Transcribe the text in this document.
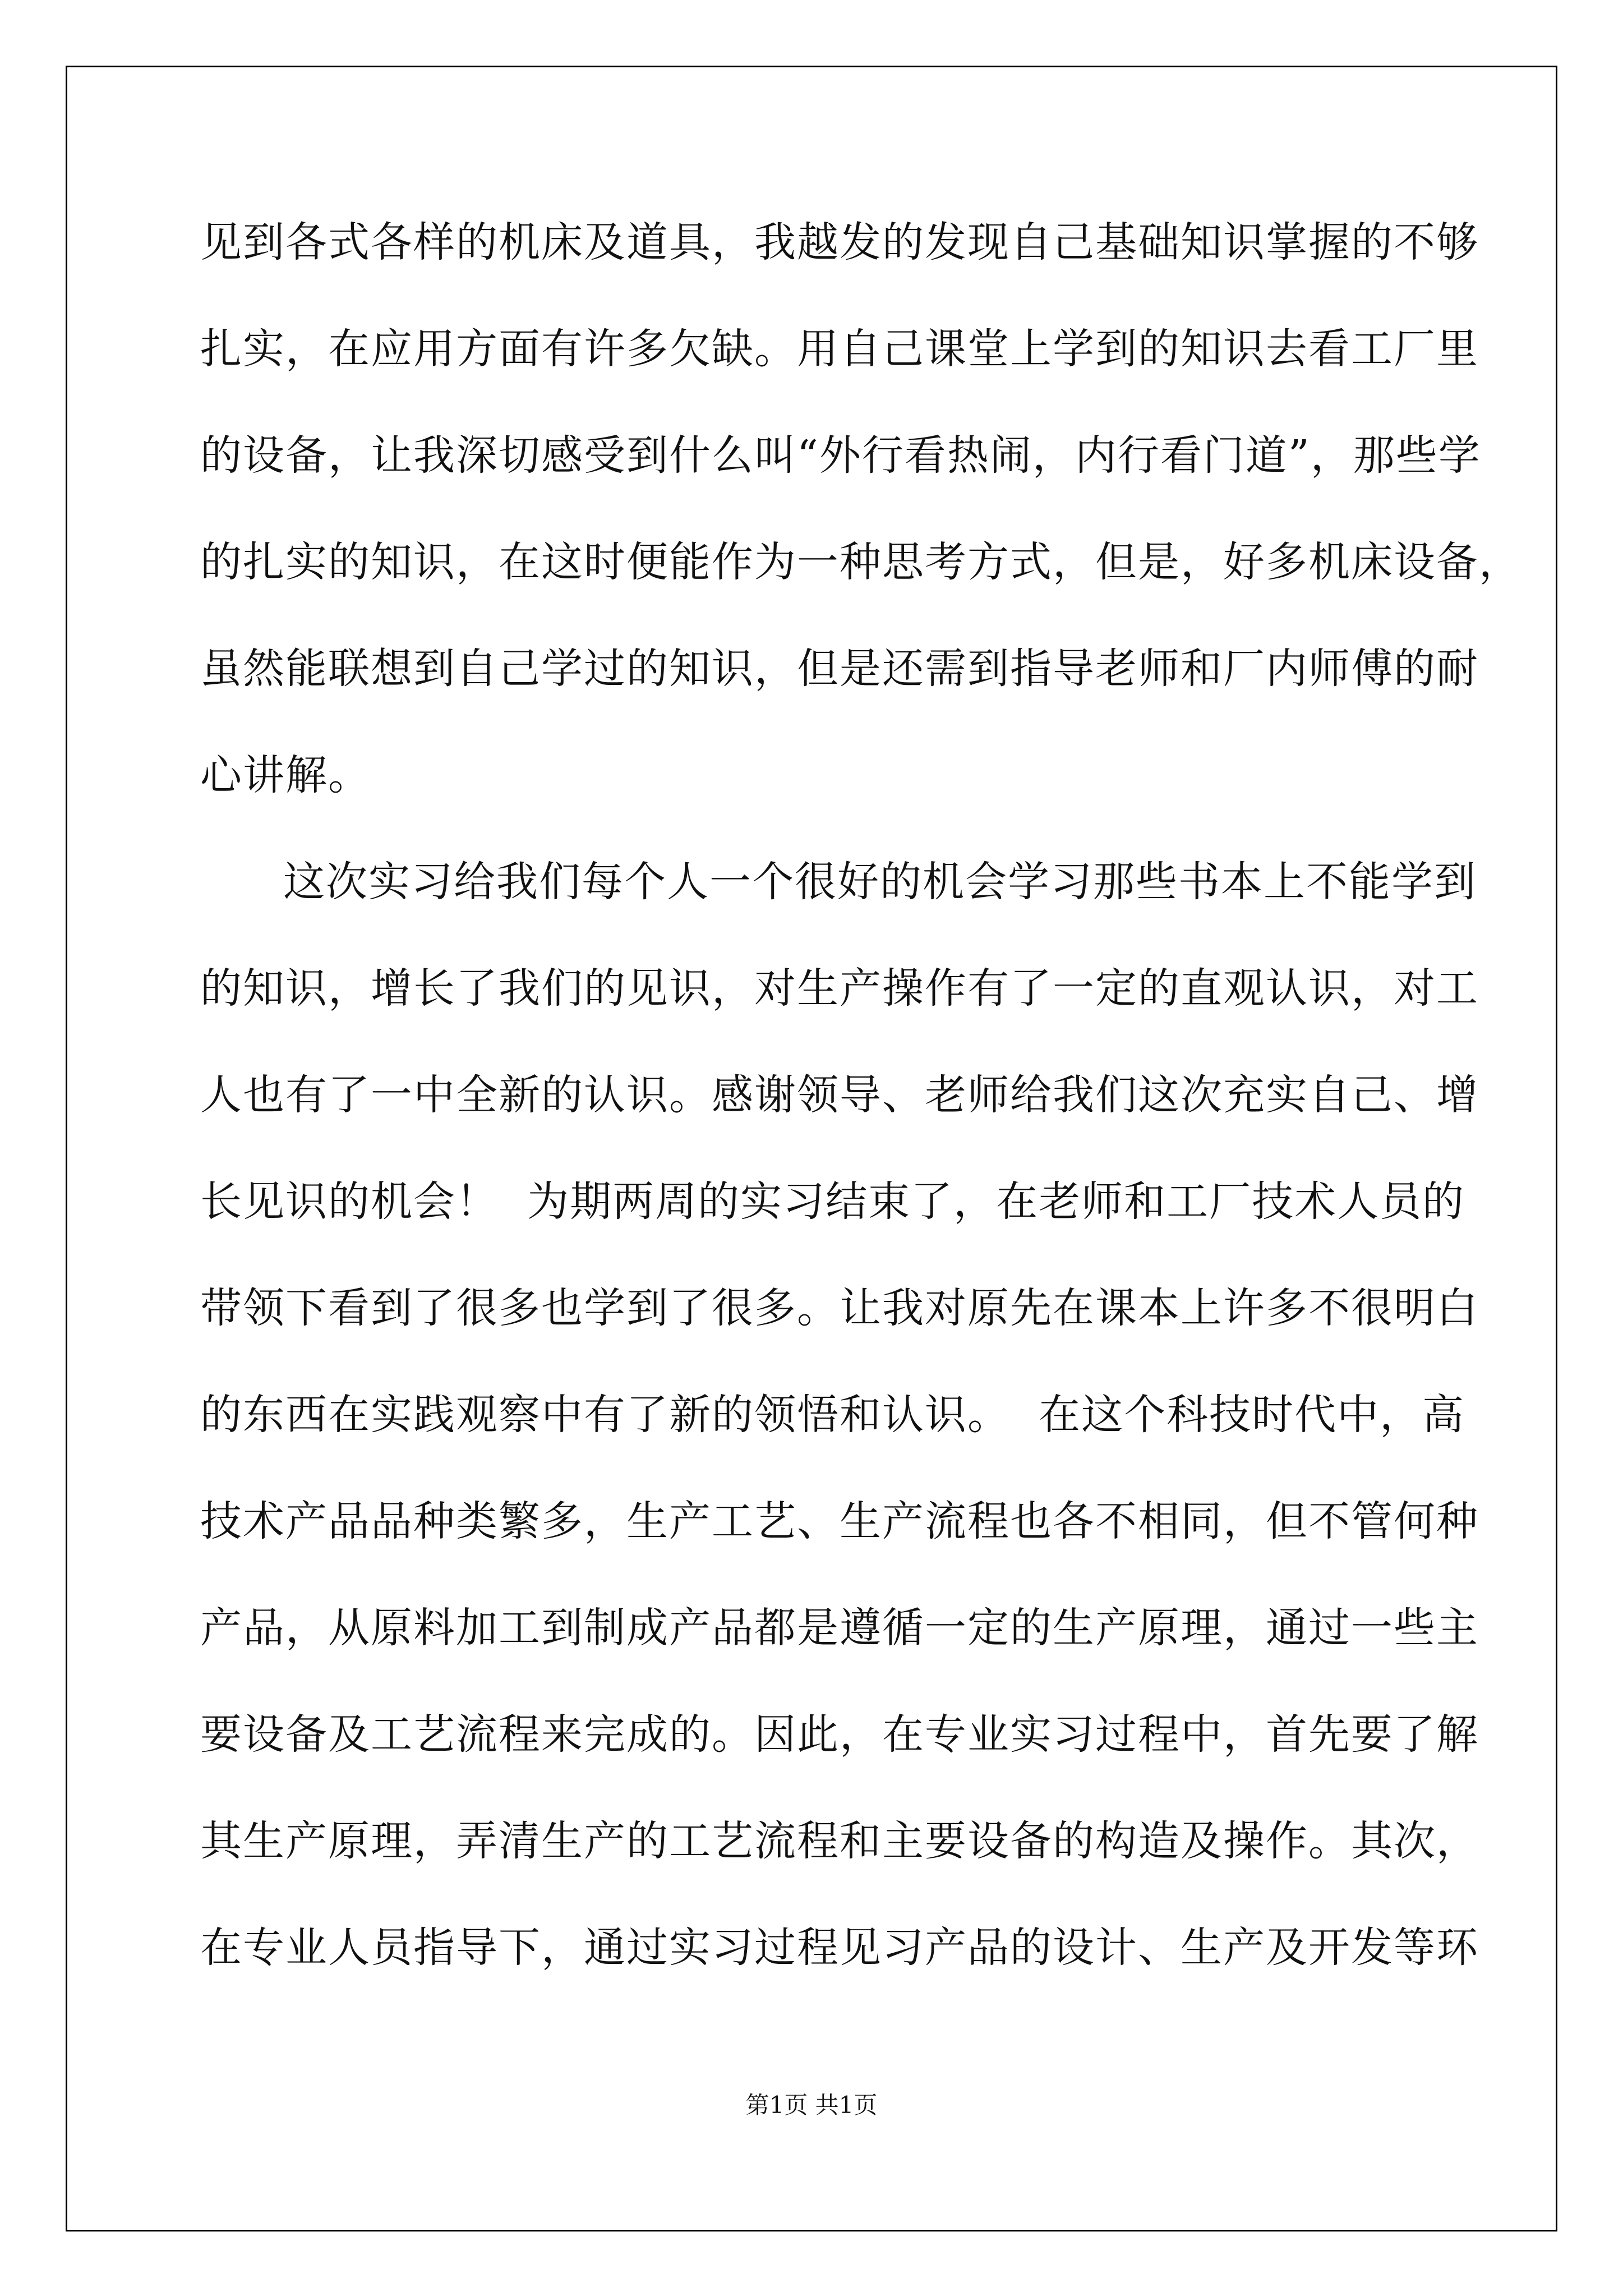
见 到 各 式 各 样 的 机 床 及 道 具 ， 我 越 发 的 发 现 自 己 基 础 知 识 掌 握 的 不 够
扎 实 ， 在 应 用 方 面 有 许 多 欠 缺 。 用 自 己 课 堂 上 学 到 的 知 识 去 看 工 厂 里
的 设 备 ， 让 我 深 切 感 受 到 什 么 叫 “ 外 行 看 热 闹 ， 内 行 看 门 道 ” ， 那 些 学
的 扎 实 的 知 识 ， 在 这 时 便 能 作 为 一 种 思 考 方 式 ， 但 是 ， 好 多 机 床 设 备 ，
虽 然 能 联 想 到 自 己 学 过 的 知 识 ， 但 是 还 需 到 指 导 老 师 和 厂 内 师 傅 的 耐
心讲解。
这 次 实 习 给 我 们 每 个 人 一 个 很 好 的 机 会 学 习 那 些 书 本 上 不 能 学 到
的 知 识 ， 增 长 了 我 们 的 见 识 ， 对 生 产 操 作 有 了 一 定 的 直 观 认 识 ， 对 工
人 也 有 了 一 中 全 新 的 认 识 。 感 谢 领 导 、 老 师 给 我 们 这 次 充 实 自 己 、 增
长 见 识 的 机 会 ！

为 期 两 周 的 实 习 结 束 了 ， 在 老 师 和 工 厂 技 术 人 员 的
带 领 下 看 到 了 很 多 也 学 到 了 很 多 。 让 我 对 原 先 在 课 本 上 许 多 不 很 明 白
的 东 西 在 实 践 观 察 中 有 了 新 的 领 悟 和 认 识 。

在 这 个 科 技 时 代 中 ， 高
技 术 产 品 品 种 类 繁 多 ， 生 产 工 艺 、 生 产 流 程 也 各 不 相 同 ， 但 不 管 何 种
产 品 ， 从 原 料 加 工 到 制 成 产 品 都 是 遵 循 一 定 的 生 产 原 理 ， 通 过 一 些 主
要 设 备 及 工 艺 流 程 来 完 成 的 。 因 此 ， 在 专 业 实 习 过 程 中 ， 首 先 要 了 解
其 生 产 原 理 ， 弄 清 生 产 的 工 艺 流 程 和 主 要 设 备 的 构 造 及 操 作 。 其 次 ，
在 专 业 人 员 指 导 下 ， 通 过 实 习 过 程 见 习 产 品 的 设 计 、 生 产 及 开 发 等 环
第1页 共1页
